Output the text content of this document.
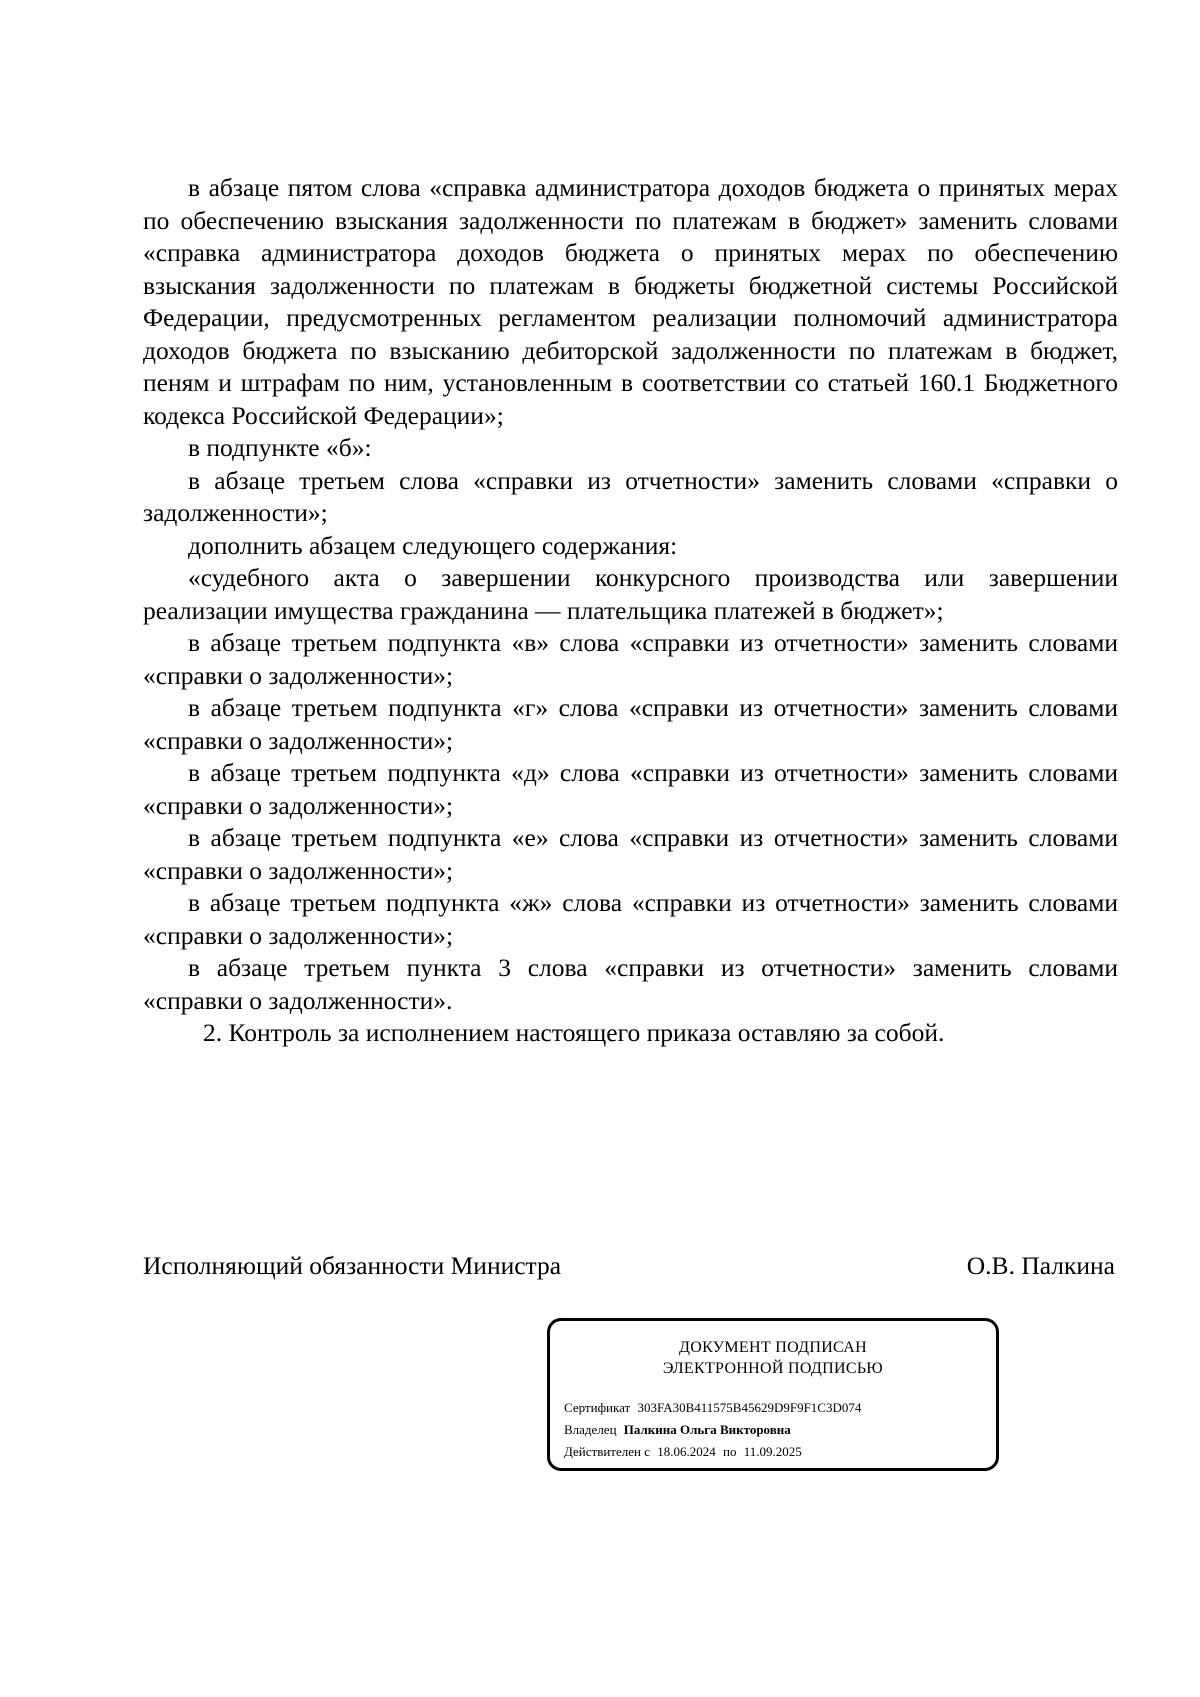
в абзаце пятом слова «справка администратора доходов бюджета о принятых мерах по обеспечению взыскания задолженности по платежам в бюджет» заменить словами «справка администратора доходов бюджета о принятых мерах по обеспечению взыскания задолженности по платежам в бюджеты бюджетной системы Российской Федерации, предусмотренных регламентом реализации полномочий администратора доходов бюджета по взысканию дебиторской задолженности по платежам в бюджет, пеням и штрафам по ним, установленным в соответствии со статьей 160.1 Бюджетного кодекса Российской Федерации»;

в подпункте «б»:

в абзаце третьем слова «справки из отчетности» заменить словами «справки о задолженности»;

дополнить абзацем следующего содержания:

«судебного акта о завершении конкурсного производства или завершении реализации имущества гражданина — плательщика платежей в бюджет»;

в абзаце третьем подпункта «в» слова «справки из отчетности» заменить словами «справки о задолженности»;

в абзаце третьем подпункта «г» слова «справки из отчетности» заменить словами «справки о задолженности»;

в абзаце третьем подпункта «д» слова «справки из отчетности» заменить словами «справки о задолженности»;

в абзаце третьем подпункта «е» слова «справки из отчетности» заменить словами «справки о задолженности»;

в абзаце третьем подпункта «ж» слова «справки из отчетности» заменить словами «справки о задолженности»;

в абзаце третьем пункта 3 слова «справки из отчетности» заменить словами «справки о задолженности».

2. Контроль за исполнением настоящего приказа оставляю за собой.

Исполняющий обязанности Министра	О.В. Палкина
ДОКУМЕНТ ПОДПИСАН
ЭЛЕКТРОННОЙ ПОДПИСЬЮ
Сертификат 303FA30B411575B45629D9F9F1C3D074
Владелец Палкина Ольга Викторовна
Действителен с 18.06.2024 по 11.09.2025
